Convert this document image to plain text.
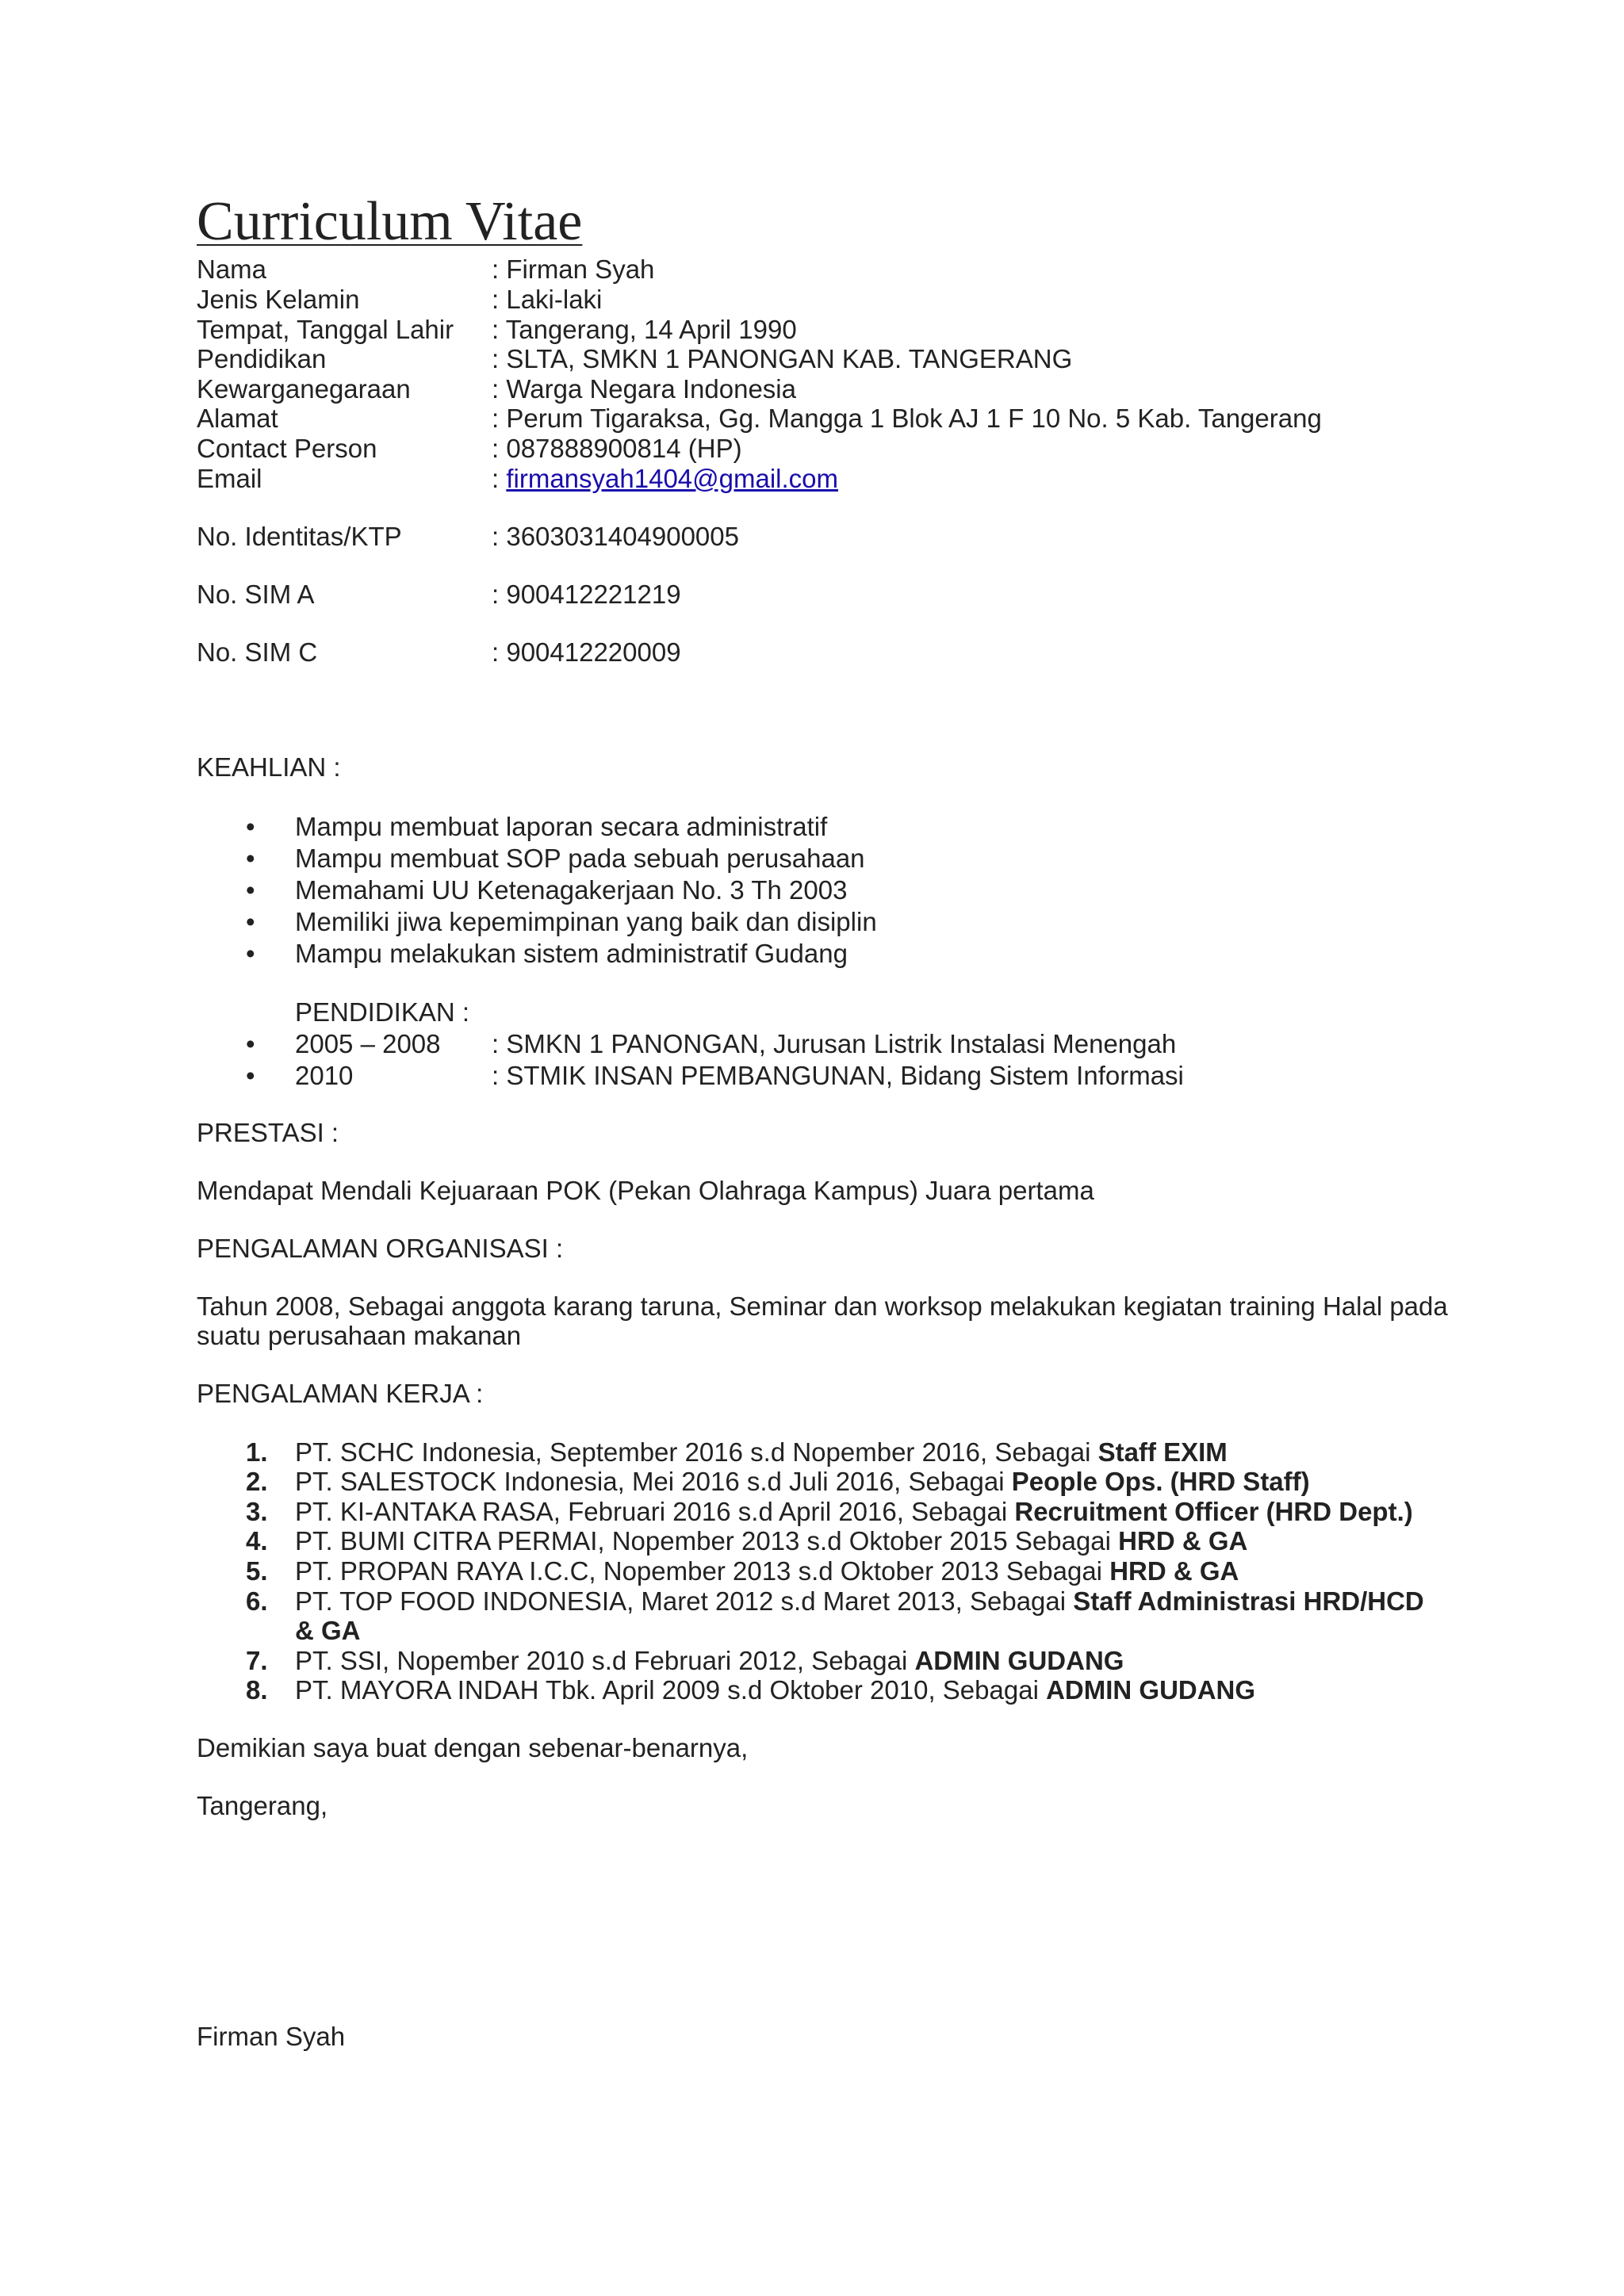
Curriculum Vitae
Nama	: Firman Syah
Jenis Kelamin	: Laki-laki
Tempat, Tanggal Lahir : Tangerang, 14 April 1990
Pendidikan	: SLTA, SMKN 1 PANONGAN KAB. TANGERANG
Kewarganegaraan	: Warga Negara Indonesia
Alamat	: Perum Tigaraksa, Gg. Mangga 1 Blok AJ 1 F 10 No. 5 Kab. Tangerang
Contact Person	: 087888900814 (HP)
Email	: firmansyah1404@gmail.com
No. Identitas/KTP	: 3603031404900005
No. SIM A	: 900412221219
No. SIM C	: 900412220009
KEAHLIAN :
• Mampu membuat laporan secara administratif
• Mampu membuat SOP pada sebuah perusahaan
• Memahami UU Ketenagakerjaan No. 3 Th 2003
• Memiliki jiwa kepemimpinan yang baik dan disiplin
• Mampu melakukan sistem administratif Gudang
PENDIDIKAN :
• 2005 – 2008 : SMKN 1 PANONGAN, Jurusan Listrik Instalasi Menengah
• 2010	: STMIK INSAN PEMBANGUNAN, Bidang Sistem Informasi
PRESTASI :
Mendapat Mendali Kejuaraan POK (Pekan Olahraga Kampus) Juara pertama
PENGALAMAN ORGANISASI :
Tahun 2008, Sebagai anggota karang taruna, Seminar dan worksop melakukan kegiatan training Halal pada suatu perusahaan makanan
PENGALAMAN KERJA :
1. PT. SCHC Indonesia, September 2016 s.d Nopember 2016, Sebagai Staff EXIM
2. PT. SALESTOCK Indonesia, Mei 2016 s.d Juli 2016, Sebagai People Ops. (HRD Staff)
3. PT. KI-ANTAKA RASA, Februari 2016 s.d April 2016, Sebagai Recruitment Officer (HRD Dept.)
4. PT. BUMI CITRA PERMAI, Nopember 2013 s.d Oktober 2015 Sebagai HRD & GA
5. PT. PROPAN RAYA I.C.C, Nopember 2013 s.d Oktober 2013 Sebagai HRD & GA
6. PT. TOP FOOD INDONESIA, Maret 2012 s.d Maret 2013, Sebagai Staff Administrasi HRD/HCD & GA
7. PT. SSI, Nopember 2010 s.d Februari 2012, Sebagai ADMIN GUDANG
8. PT. MAYORA INDAH Tbk. April 2009 s.d Oktober 2010, Sebagai ADMIN GUDANG
Demikian saya buat dengan sebenar-benarnya,
Tangerang,
Firman Syah
